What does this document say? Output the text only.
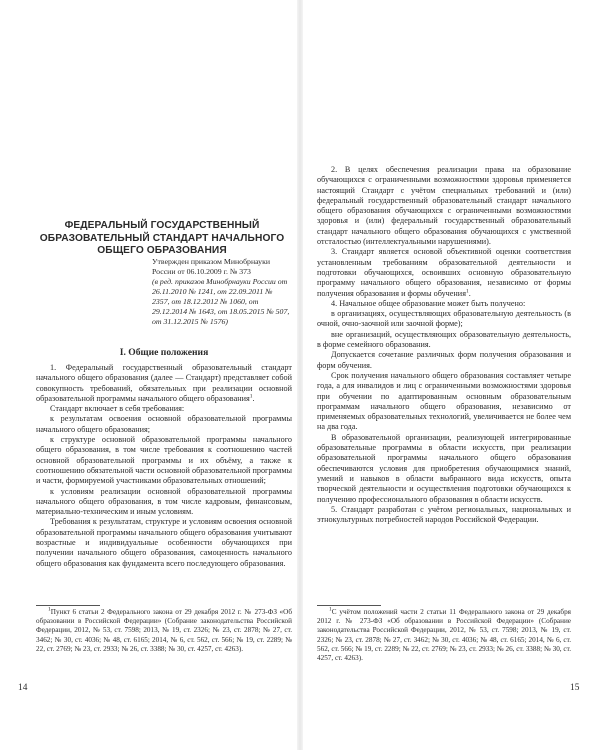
ФЕДЕРАЛЬНЫЙ ГОСУДАРСТВЕННЫЙ ОБРАЗОВАТЕЛЬНЫЙ СТАНДАРТ НАЧАЛЬНОГО ОБЩЕГО ОБРАЗОВАНИЯ
Утвержден приказом Минобрнауки России от 06.10.2009 г. № 373
(в ред. приказов Минобрнауки России от 26.11.2010 № 1241, от 22.09.2011 № 2357, от 18.12.2012 № 1060, от 29.12.2014 № 1643, от 18.05.2015 № 507, от 31.12.2015 № 1576)
I. Общие положения

1. Федеральный государственный образовательный стандарт начального общего образования (далее — Стандарт) представляет собой совокупность требований, обязательных при реализации основной образовательной программы начального общего образования$^1$.

Стандарт включает в себя требования:

к результатам освоения основной образовательной программы начального общего образования;

к структуре основной образовательной программы начального общего образования, в том числе требования к соотношению частей основной образовательной программы и их объёму, а также к соотношению обязательной части основной образовательной программы и части, формируемой участниками образовательных отношений;

к условиям реализации основной образовательной программы начального общего образования, в том числе кадровым, финансовым, материально-техническим и иным условиям.

Требования к результатам, структуре и условиям освоения основной образовательной программы начального общего образования учитывают возрастные и индивидуальные особенности обучающихся при получении начального общего образования, самоценность начального общего образования как фундамента всего последующего образования.

$^1$Пункт 6 статьи 2 Федерального закона от 29 декабря 2012 г. № 273-ФЗ «Об образовании в Российской Федерации» (Собрание законодательства Российской Федерации, 2012, № 53, ст. 7598; 2013, № 19, ст. 2326; № 23, ст. 2878; № 27, ст. 3462; № 30, ст. 4036; № 48, ст. 6165; 2014, № 6, ст. 562, ст. 566; № 19, ст. 2289; № 22, ст. 2769; № 23, ст. 2933; № 26, ст. 3388; № 30, ст. 4257, ст. 4263).

14

2. В целях обеспечения реализации права на образование обучающихся с ограниченными возможностями здоровья применяется настоящий Стандарт с учётом специальных требований и (или) федеральный государственный образовательный стандарт начального общего образования обучающихся с ограниченными возможностями здоровья и (или) федеральный государственный образовательный стандарт начального общего образования обучающихся с умственной отсталостью (интеллектуальными нарушениями).

3. Стандарт является основой объективной оценки соответствия установленным требованиям образовательной деятельности и подготовки обучающихся, освоивших основную образовательную программу начального общего образования, независимо от формы получения образования и формы обучения$^1$.

4. Начальное общее образование может быть получено:

в организациях, осуществляющих образовательную деятельность (в очной, очно-заочной или заочной форме);

вне организаций, осуществляющих образовательную деятельность, в форме семейного образования.

Допускается сочетание различных форм получения образования и форм обучения.

Срок получения начального общего образования составляет четыре года, а для инвалидов и лиц с ограниченными возможностями здоровья при обучении по адаптированным основным образовательным программам начального общего образования, независимо от применяемых образовательных технологий, увеличивается не более чем на два года.

В образовательной организации, реализующей интегрированные образовательные программы в области искусств, при реализации образовательной программы начального общего образования обеспечиваются условия для приобретения обучающимися знаний, умений и навыков в области выбранного вида искусств, опыта творческой деятельности и осуществления подготовки обучающихся к получению профессионального образования в области искусств.

5. Стандарт разработан с учётом региональных, национальных и этнокультурных потребностей народов Российской Федерации.

$^1$С учётом положений части 2 статьи 11 Федерального закона от 29 декабря 2012 г. № 273-ФЗ «Об образовании в Российской Федерации» (Собрание законодательства Российской Федерации, 2012, № 53, ст. 7598; 2013, № 19, ст. 2326; № 23, ст. 2878; № 27, ст. 3462; № 30, ст. 4036; № 48, ст. 6165; 2014, № 6, ст. 562, ст. 566; № 19, ст. 2289; № 22, ст. 2769; № 23, ст. 2933; № 26, ст. 3388; № 30, ст. 4257, ст. 4263).

15
